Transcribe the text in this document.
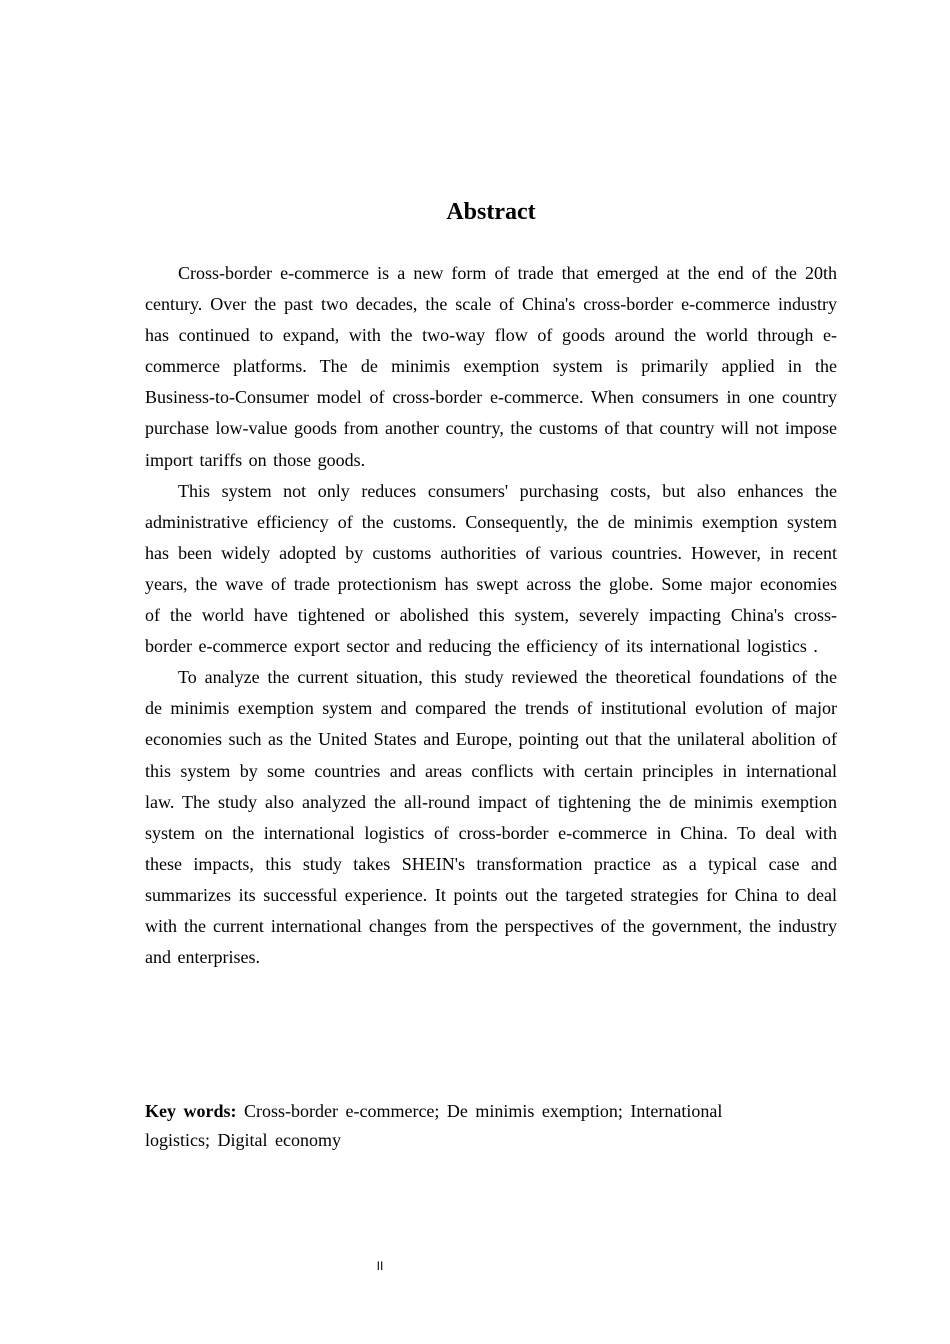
Abstract

Cross-border e-commerce is a new form of trade that emerged at the end of the 20th century. Over the past two decades, the scale of China's cross-border e-commerce industry has continued to expand, with the two-way flow of goods around the world through e-commerce platforms. The de minimis exemption system is primarily applied in the Business-to-Consumer model of cross-border e-commerce. When consumers in one country purchase low-value goods from another country, the customs of that country will not impose import tariffs on those goods.

This system not only reduces consumers' purchasing costs, but also enhances the administrative efficiency of the customs. Consequently, the de minimis exemption system has been widely adopted by customs authorities of various countries. However, in recent years, the wave of trade protectionism has swept across the globe. Some major economies of the world have tightened or abolished this system, severely impacting China's cross-border e-commerce export sector and reducing the efficiency of its international logistics .

To analyze the current situation, this study reviewed the theoretical foundations of the de minimis exemption system and compared the trends of institutional evolution of major economies such as the United States and Europe, pointing out that the unilateral abolition of this system by some countries and areas conflicts with certain principles in international law. The study also analyzed the all-round impact of tightening the de minimis exemption system on the international logistics of cross-border e-commerce in China. To deal with these impacts, this study takes SHEIN's transformation practice as a typical case and summarizes its successful experience. It points out the targeted strategies for China to deal with the current international changes from the perspectives of the government, the industry and enterprises.

Key words: Cross-border e-commerce; De minimis exemption; International logistics; Digital economy

II
